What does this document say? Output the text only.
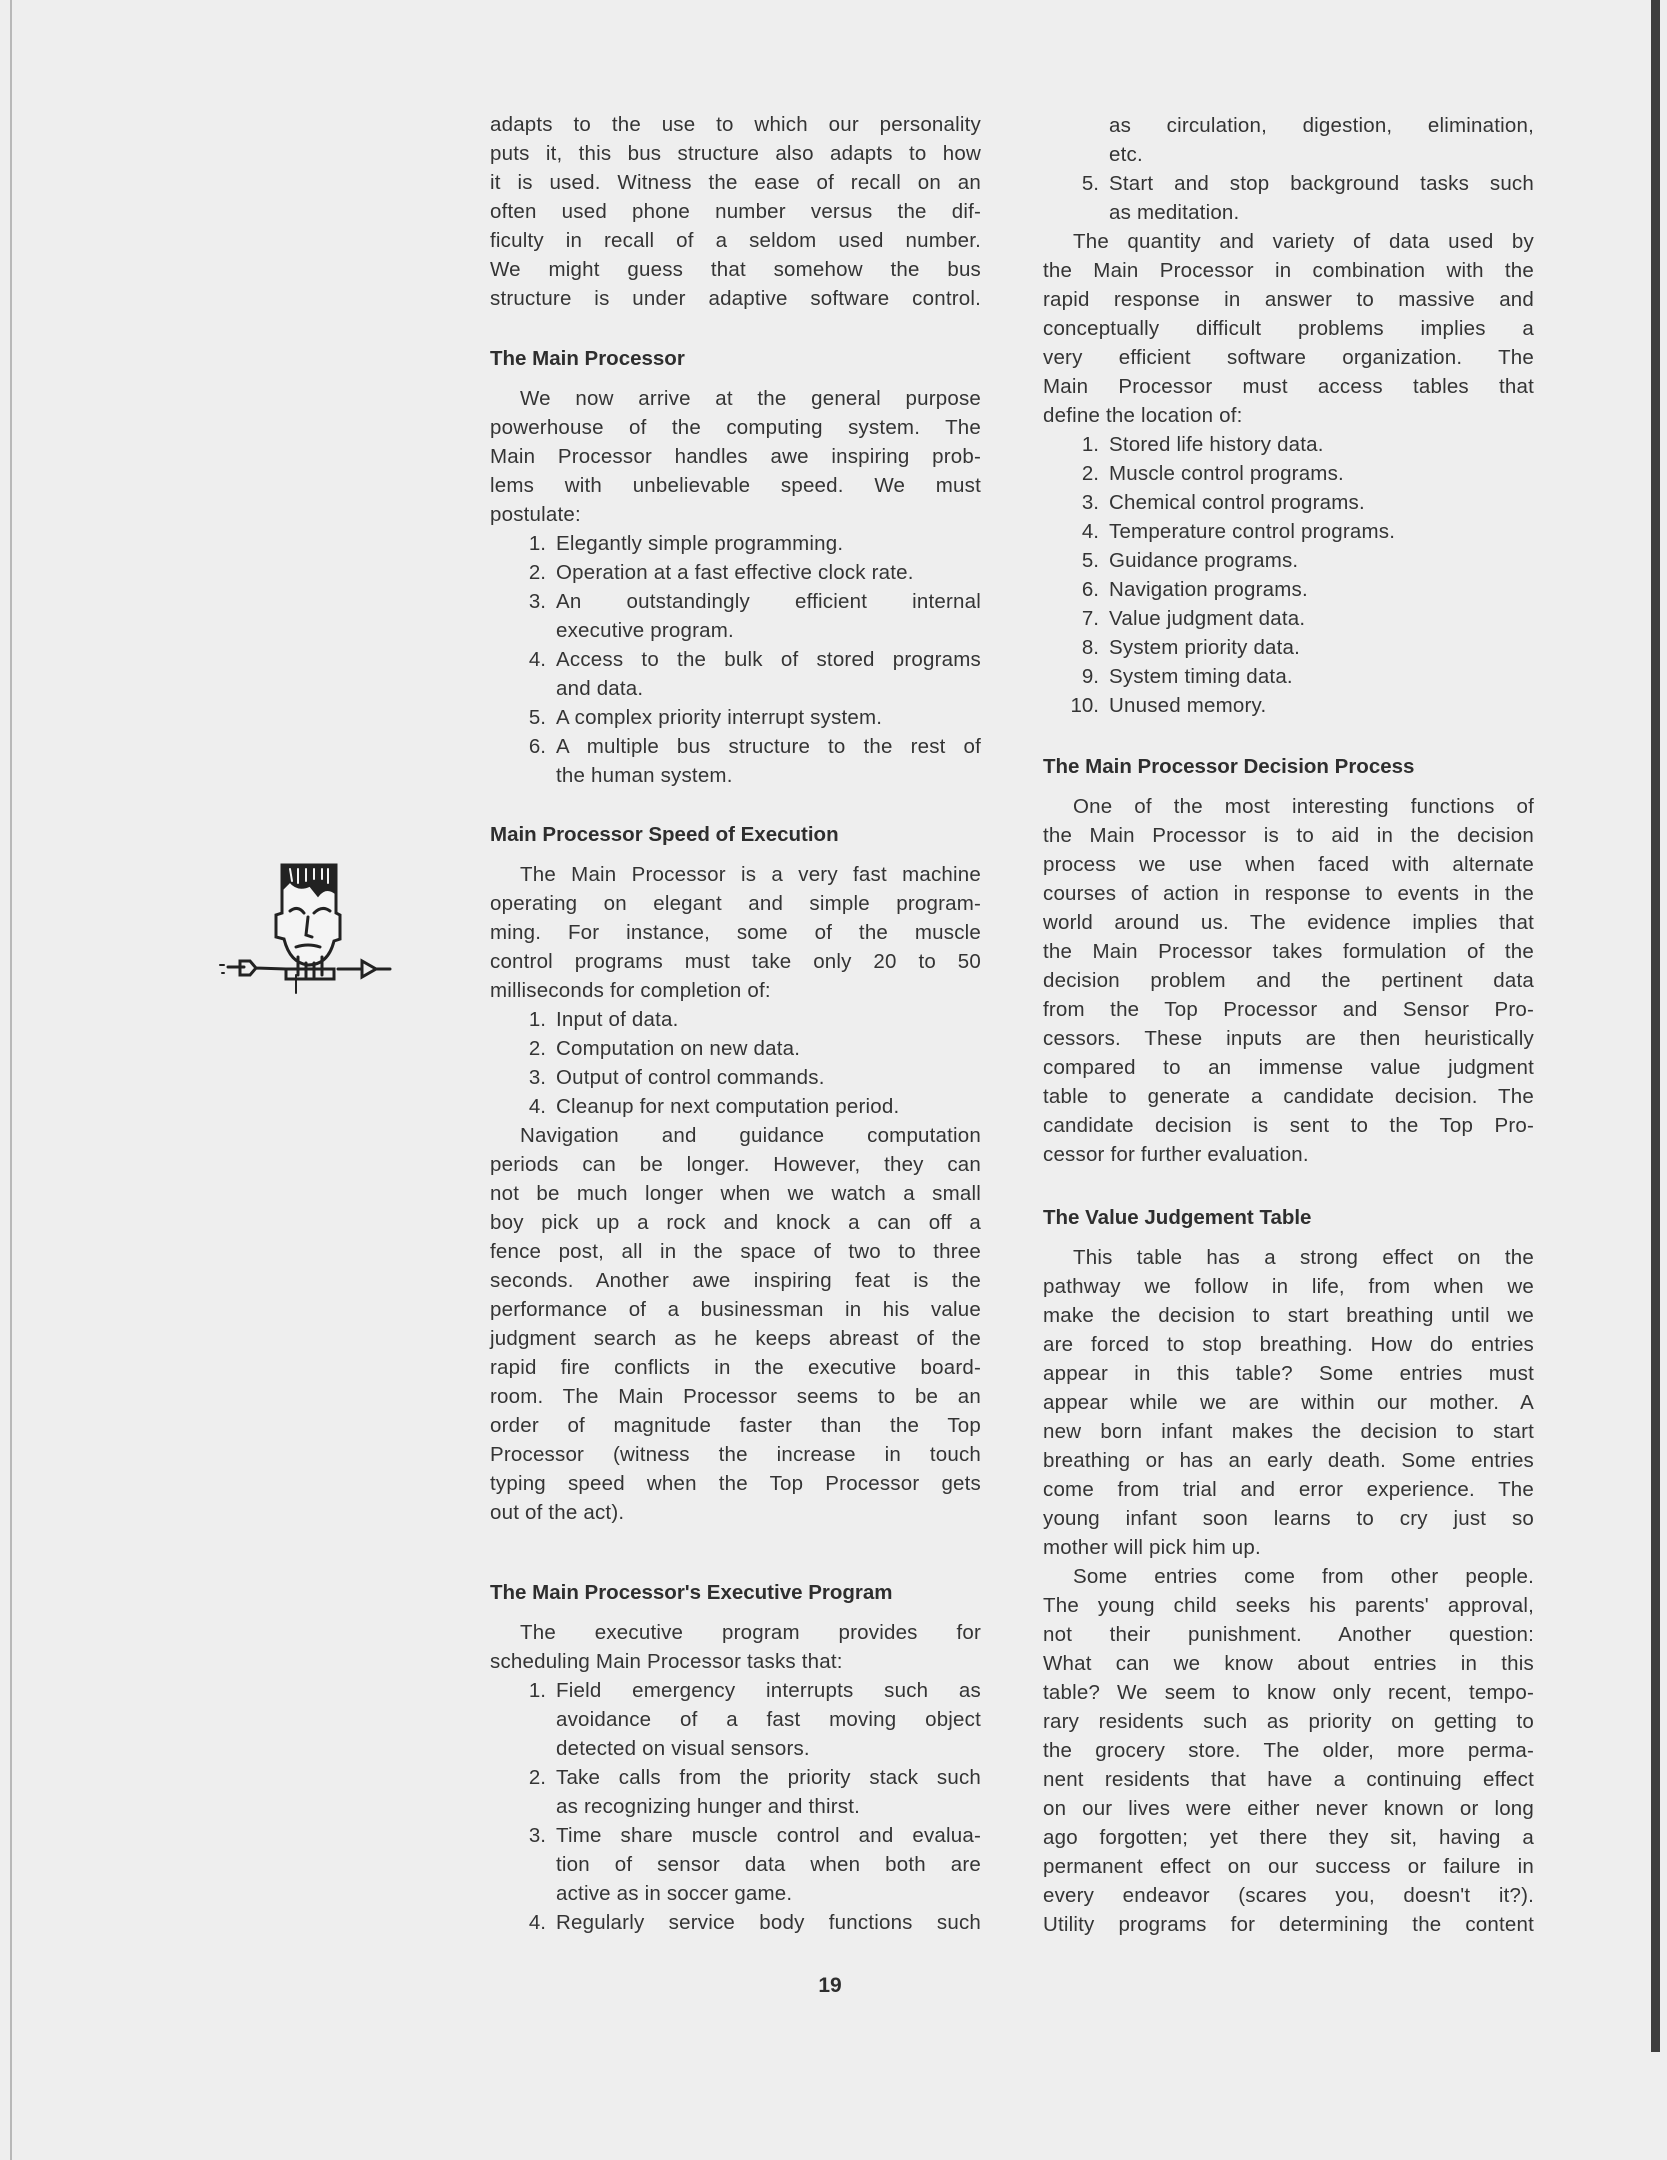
adapts to the use to which our personality
puts it, this bus structure also adapts to how
it is used. Witness the ease of recall on an
often used phone number versus the dif-
ficulty in recall of a seldom used number.
We might guess that somehow the bus
structure is under adaptive software control.
The Main Processor
We now arrive at the general purpose
powerhouse of the computing system. The
Main Processor handles awe inspiring prob-
lems with unbelievable speed. We must
postulate:
1. Elegantly simple programming.
2. Operation at a fast effective clock rate.
3. An outstandingly efficient internal
executive program.
4. Access to the bulk of stored programs
and data.
5. A complex priority interrupt system.
6. A multiple bus structure to the rest of
the human system.
Main Processor Speed of Execution
The Main Processor is a very fast machine
operating on elegant and simple program-
ming. For instance, some of the muscle
control programs must take only 20 to 50
milliseconds for completion of:
1. Input of data.
2. Computation on new data.
3. Output of control commands.
4. Cleanup for next computation period.
Navigation and guidance computation
periods can be longer. However, they can
not be much longer when we watch a small
boy pick up a rock and knock a can off a
fence post, all in the space of two to three
seconds. Another awe inspiring feat is the
performance of a businessman in his value
judgment search as he keeps abreast of the
rapid fire conflicts in the executive board-
room. The Main Processor seems to be an
order of magnitude faster than the Top
Processor (witness the increase in touch
typing speed when the Top Processor gets
out of the act).
The Main Processor's Executive Program
The executive program provides for
scheduling Main Processor tasks that:
1. Field emergency interrupts such as
avoidance of a fast moving object
detected on visual sensors.
2. Take calls from the priority stack such
as recognizing hunger and thirst.
3. Time share muscle control and evalua-
tion of sensor data when both are
active as in soccer game.
4. Regularly service body functions such
as circulation, digestion, elimination,
etc.
5. Start and stop background tasks such
as meditation.
The quantity and variety of data used by
the Main Processor in combination with the
rapid response in answer to massive and
conceptually difficult problems implies a
very efficient software organization. The
Main Processor must access tables that
define the location of:
1. Stored life history data.
2. Muscle control programs.
3. Chemical control programs.
4. Temperature control programs.
5. Guidance programs.
6. Navigation programs.
7. Value judgment data.
8. System priority data.
9. System timing data.
10. Unused memory.
The Main Processor Decision Process
One of the most interesting functions of
the Main Processor is to aid in the decision
process we use when faced with alternate
courses of action in response to events in the
world around us. The evidence implies that
the Main Processor takes formulation of the
decision problem and the pertinent data
from the Top Processor and Sensor Pro-
cessors. These inputs are then heuristically
compared to an immense value judgment
table to generate a candidate decision. The
candidate decision is sent to the Top Pro-
cessor for further evaluation.
The Value Judgement Table
This table has a strong effect on the
pathway we follow in life, from when we
make the decision to start breathing until we
are forced to stop breathing. How do entries
appear in this table? Some entries must
appear while we are within our mother. A
new born infant makes the decision to start
breathing or has an early death. Some entries
come from trial and error experience. The
young infant soon learns to cry just so
mother will pick him up.
Some entries come from other people.
The young child seeks his parents' approval,
not their punishment. Another question:
What can we know about entries in this
table? We seem to know only recent, tempo-
rary residents such as priority on getting to
the grocery store. The older, more perma-
nent residents that have a continuing effect
on our lives were either never known or long
ago forgotten; yet there they sit, having a
permanent effect on our success or failure in
every endeavor (scares you, doesn't it?).
Utility programs for determining the content
19
